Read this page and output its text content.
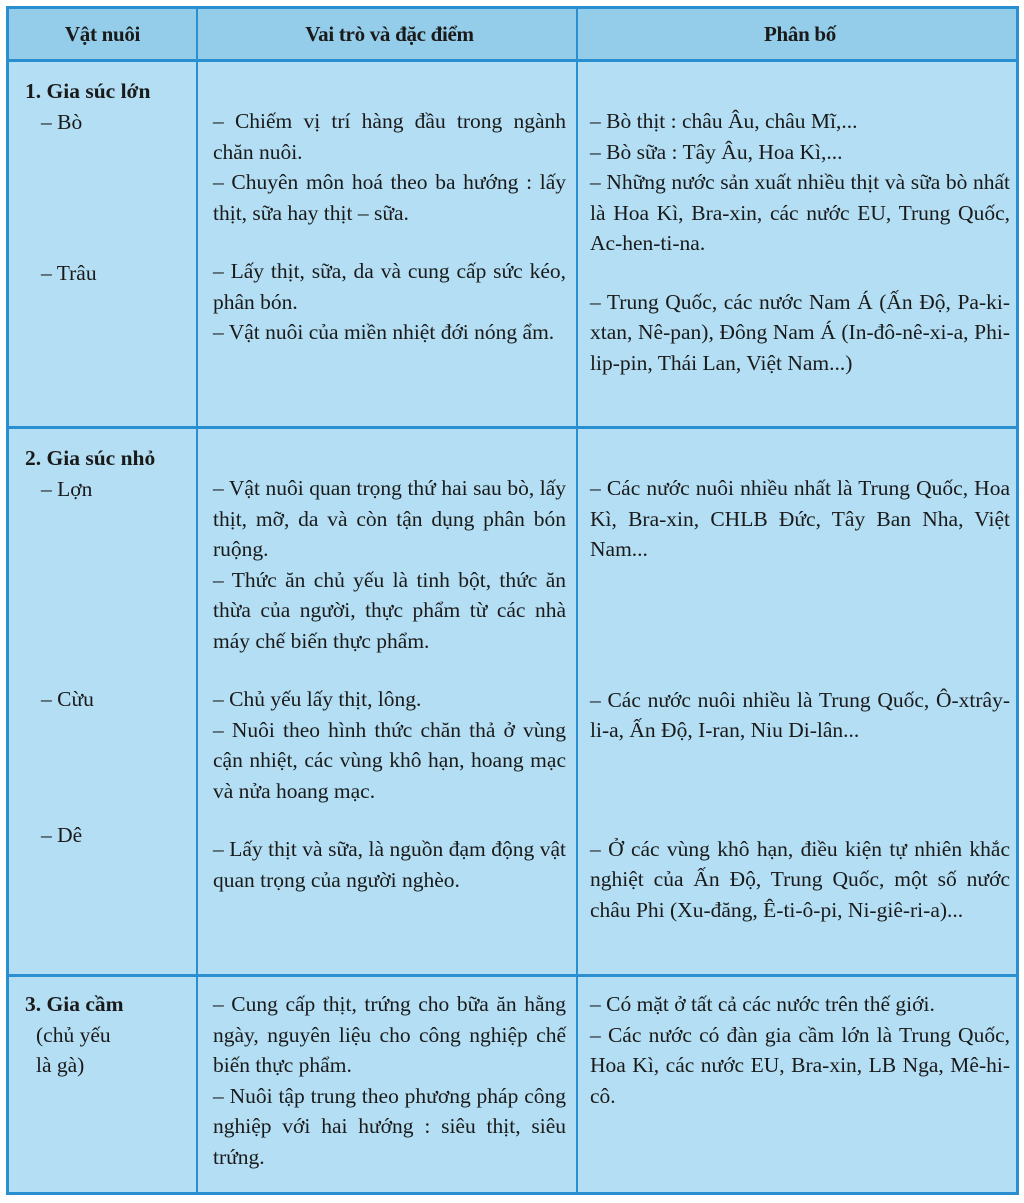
Vật nuôi	Vai trò và đặc điểm	Phân bố
1. Gia súc lớn
– Bò
– Trâu
– Chiếm vị trí hàng đầu trong ngành chăn nuôi.
– Chuyên môn hoá theo ba hướng : lấy thịt, sữa hay thịt – sữa.
– Lấy thịt, sữa, da và cung cấp sức kéo, phân bón.
– Vật nuôi của miền nhiệt đới nóng ẩm.
– Bò thịt : châu Âu, châu Mĩ,...
– Bò sữa : Tây Âu, Hoa Kì,...
– Những nước sản xuất nhiều thịt và sữa bò nhất là Hoa Kì, Bra-xin, các nước EU, Trung Quốc, Ac-hen-ti-na.
– Trung Quốc, các nước Nam Á (Ấn Độ, Pa-ki-xtan, Nê-pan), Đông Nam Á (In-đô-nê-xi-a, Phi-lip-pin, Thái Lan, Việt Nam...)
2. Gia súc nhỏ
– Lợn
– Cừu
– Dê
– Vật nuôi quan trọng thứ hai sau bò, lấy thịt, mỡ, da và còn tận dụng phân bón ruộng.
– Thức ăn chủ yếu là tinh bột, thức ăn thừa của người, thực phẩm từ các nhà máy chế biến thực phẩm.
– Chủ yếu lấy thịt, lông.
– Nuôi theo hình thức chăn thả ở vùng cận nhiệt, các vùng khô hạn, hoang mạc và nửa hoang mạc.
– Lấy thịt và sữa, là nguồn đạm động vật quan trọng của người nghèo.
– Các nước nuôi nhiều nhất là Trung Quốc, Hoa Kì, Bra-xin, CHLB Đức, Tây Ban Nha, Việt Nam...
– Các nước nuôi nhiều là Trung Quốc, Ô-xtrây-li-a, Ấn Độ, I-ran, Niu Di-lân...
– Ở các vùng khô hạn, điều kiện tự nhiên khắc nghiệt của Ấn Độ, Trung Quốc, một số nước châu Phi (Xu-đăng, Ê-ti-ô-pi, Ni-giê-ri-a)...
3. Gia cầm
(chủ yếu
là gà)
– Cung cấp thịt, trứng cho bữa ăn hằng ngày, nguyên liệu cho công nghiệp chế biến thực phẩm.
– Nuôi tập trung theo phương pháp công nghiệp với hai hướng : siêu thịt, siêu trứng.
– Có mặt ở tất cả các nước trên thế giới.
– Các nước có đàn gia cầm lớn là Trung Quốc, Hoa Kì, các nước EU, Bra-xin, LB Nga, Mê-hi-cô.
